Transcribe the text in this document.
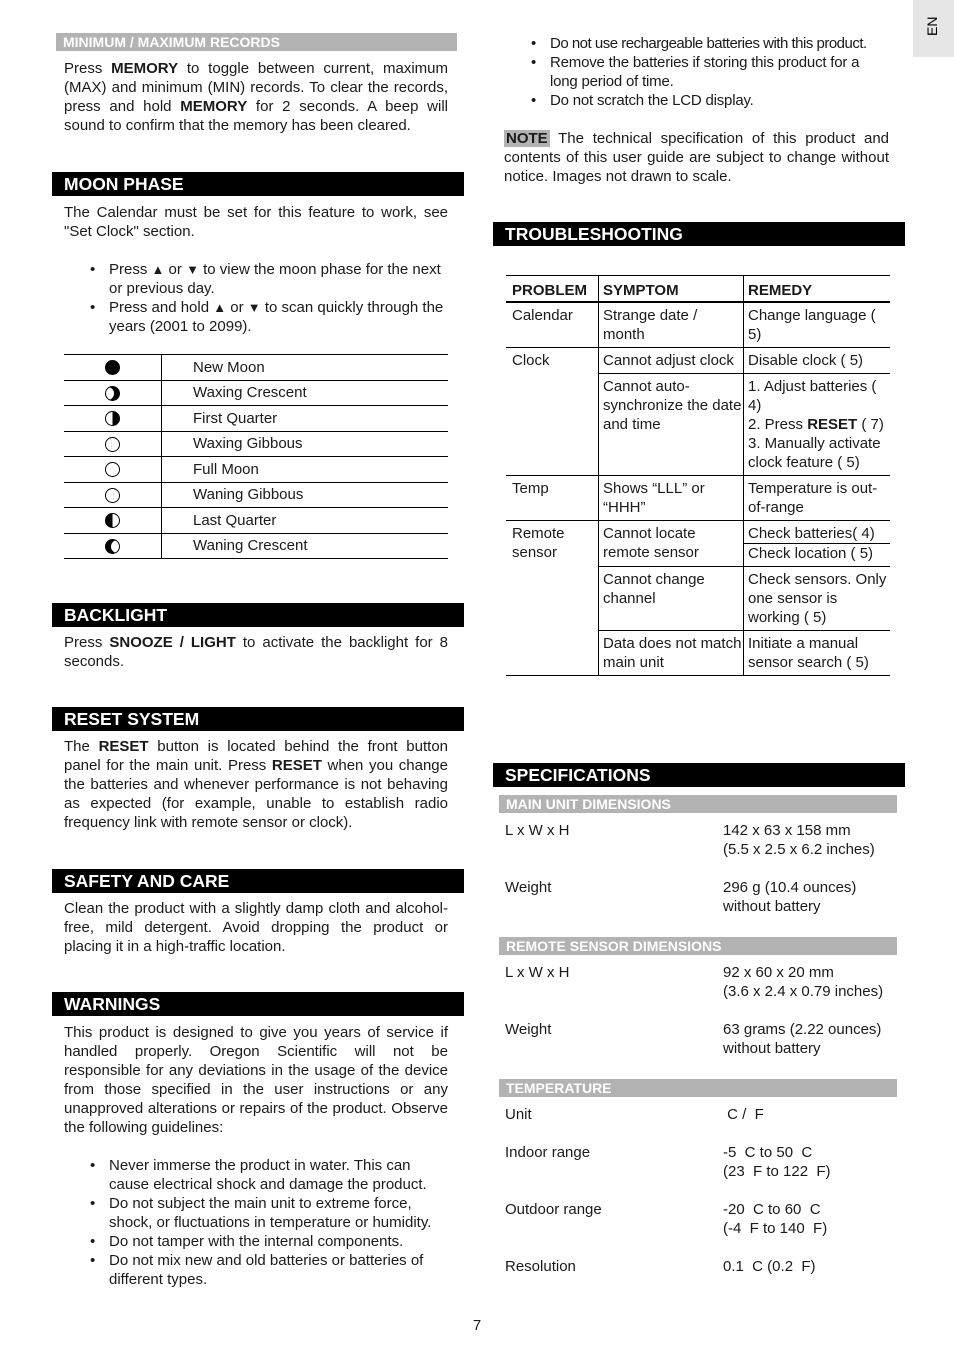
EN
MINIMUM / MAXIMUM RECORDS

Press MEMORY to toggle between current, maximum (MAX) and minimum (MIN) records. To clear the records, press and hold MEMORY for 2 seconds. A beep will sound to confirm that the memory has been cleared.

MOON PHASE
The Calendar must be set for this feature to work, see "Set Clock" section.
• Press ▲ or ▼ to view the moon phase for the next or previous day.
• Press and hold ▲ or ▼ to scan quickly through the years (2001 to 2099).
	New Moon

	Waxing Crescent
	First Quarter

	Waxing Gibbous
	Full Moon

	Waning Gibbous
	Last Quarter

	Waning Crescent
BACKLIGHT

Press SNOOZE / LIGHT to activate the backlight for 8 seconds.

RESET SYSTEM

The RESET button is located behind the front button panel for the main unit. Press RESET when you change the batteries and whenever performance is not behaving as expected (for example, unable to establish radio frequency link with remote sensor or clock).

SAFETY AND CARE
Clean the product with a slightly damp cloth and alcohol-free, mild detergent. Avoid dropping the product or placing it in a high-traffic location.
WARNINGS
This product is designed to give you years of service if handled properly. Oregon Scientific will not be responsible for any deviations in the usage of the device from those specified in the user instructions or any unapproved alterations or repairs of the product. Observe the following guidelines:
• Never immerse the product in water. This can cause electrical shock and damage the product.
• Do not subject the main unit to extreme force, shock, or fluctuations in temperature or humidity.
• Do not tamper with the internal components.
• Do not mix new and old batteries or batteries of different types.
• Do not use rechargeable batteries with this product.
• Remove the batteries if storing this product for a long period of time.
• Do not scratch the LCD display.

NOTE The technical specification of this product and contents of this user guide are subject to change without notice. Images not drawn to scale.

TROUBLESHOOTING
PROBLEM	SYMPTOM	REMEDY
Calendar	Strange date / month	Change language ( 5)
Clock	Cannot adjust clock	Disable clock ( 5)
	Cannot auto-synchronize the date and time	1. Adjust batteries ( 4)
2. Press RESET ( 7)
3. Manually activate clock feature ( 5)

Temp	Shows “LLL” or “HHH”	Temperature is out-of-range
Remote sensor	Cannot locate remote sensor	Check batteries( 4)
Check location ( 5)

	Cannot change channel	Check sensors. Only one sensor is working ( 5)
	Data does not match main unit	Initiate a manual sensor search ( 5)
SPECIFICATIONS
MAIN UNIT DIMENSIONS
L x W x H	142 x 63 x 158 mm
(5.5 x 2.5 x 6.2 inches)
Weight	296 g (10.4 ounces)
without battery
REMOTE SENSOR DIMENSIONS
L x W x H	92 x 60 x 20 mm
(3.6 x 2.4 x 0.79 inches)
Weight	63 grams (2.22 ounces)
without battery
TEMPERATURE
Unit	C /  F
Indoor range	-5  C to 50  C
(23  F to 122  F)
Outdoor range	-20  C to 60  C
(-4  F to 140  F)
Resolution	0.1  C (0.2  F)
7
